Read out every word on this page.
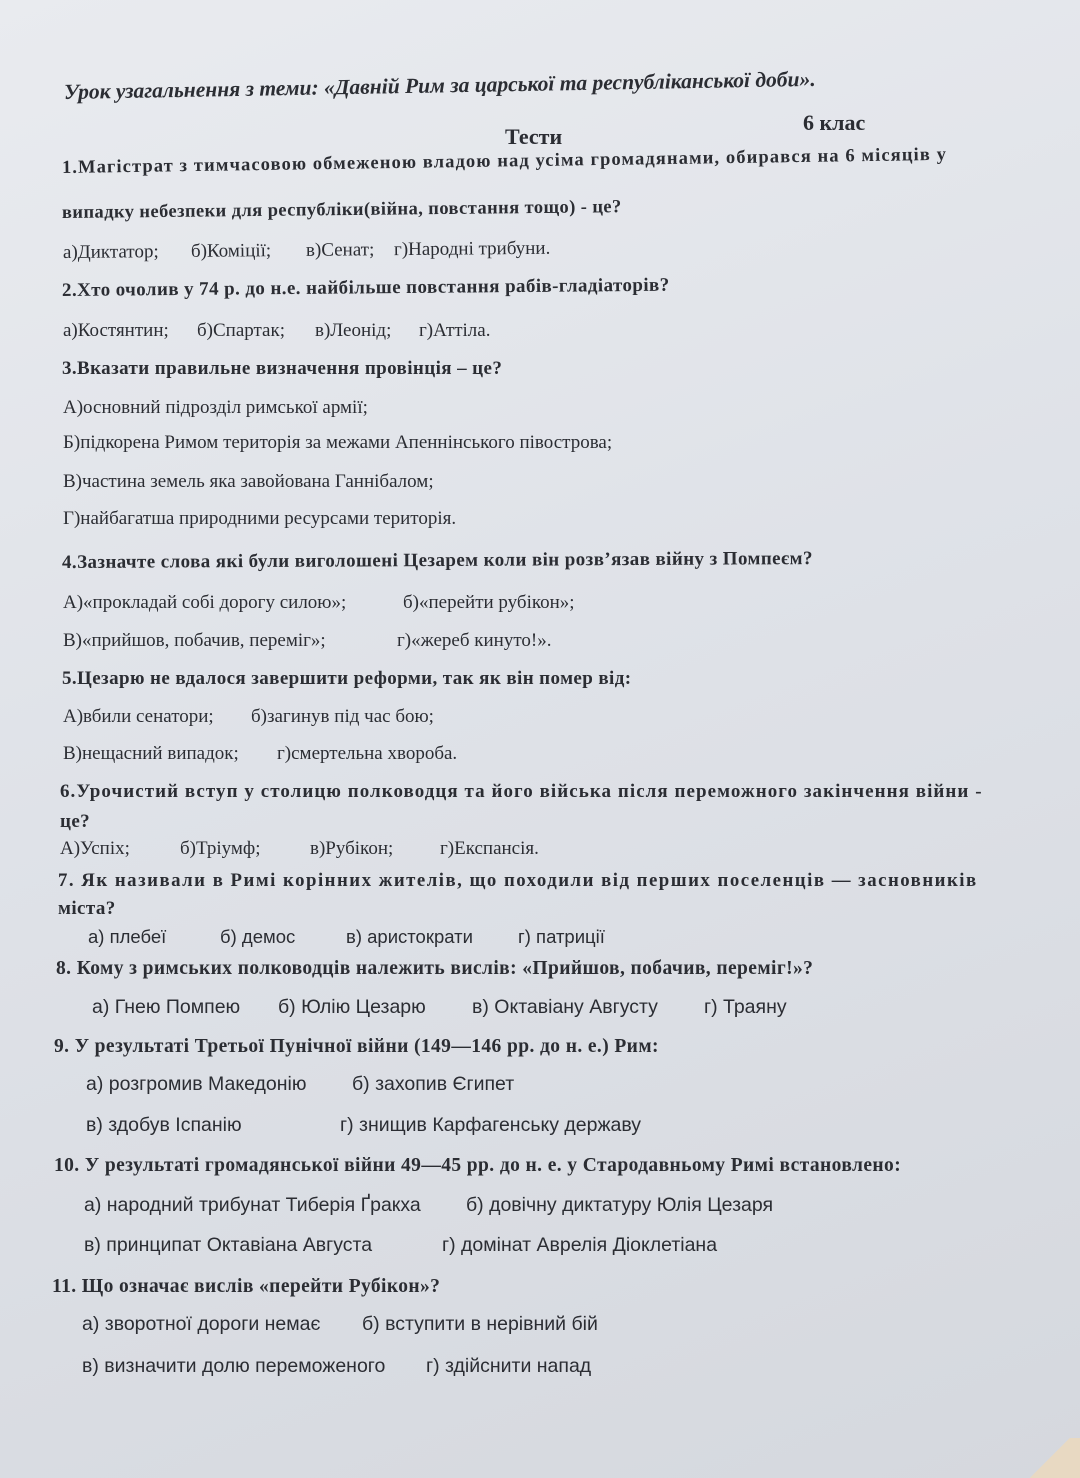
Урок узагальнення з теми: «Давній Рим за царської та республіканської доби».
Тести
6 клас
1.Магістрат з тимчасовою обмеженою владою над усіма громадянами, обирався на 6 місяців у
випадку небезпеки для республіки(війна, повстання тощо) - це?
а)Диктатор; б)Комiції; в)Сенат; г)Народні трибуни.
2.Хто очолив у 74 р. до н.е. найбільше повстання рабів-гладіаторів?
а)Костянтин; б)Спартак; в)Леонід; г)Аттіла.
3.Вказати правильне визначення провінція – це?
А)основний підрозділ римської армії;
Б)підкорена Римом територія за межами Апеннінського півострова;
В)частина земель яка завойована Ганнібалом;
Г)найбагатша природними ресурсами територія.
4.Зазначте слова які були виголошені Цезарем коли він розв’язав війну з Помпеєм?
А)«прокладай собі дорогу силою»;	б)«перейти рубікон»;
В)«прийшов, побачив, переміг»;	г)«жереб кинуто!».
5.Цезарю не вдалося завершити реформи, так як він помер від:
А)вбили сенатори; б)загинув під час бою;
В)нещасний випадок; г)смертельна хвороба.
6.Урочистий вступ у столицю полководця та його війська після переможного закінчення війни -
це?
А)Успіх;	б)Тріумф;	в)Рубікон; г)Експансія.
7. Як називали в Римі корінних жителів, що походили від перших поселенців — засновників
міста?
а) плебеї	б) демос	в) аристократи г) патриції
8. Кому з римських полководців належить вислів: «Прийшов, побачив, переміг!»?
а) Гнею Помпею б) Юлію Цезарю в) Октавіану Августу г) Траяну
9. У результаті Третьої Пунічної війни (149—146 рр. до н. е.) Рим:
а) розгромив Македонію б) захопив Єгипет
в) здобув Іспанію	г) знищив Карфагенську державу
10. У результаті громадянської війни 49—45 рр. до н. е. у Стародавньому Римі встановлено:
а) народний трибунат Тиберія Ґракха б) довічну диктатуру Юлія Цезаря
в) принципат Октавіана Августа	г) домінат Аврелія Діоклетіана
11. Що означає вислів «перейти Рубікон»?
а) зворотної дороги немає б) вступити в нерівний бій
в) визначити долю переможеного г) здійснити напад
